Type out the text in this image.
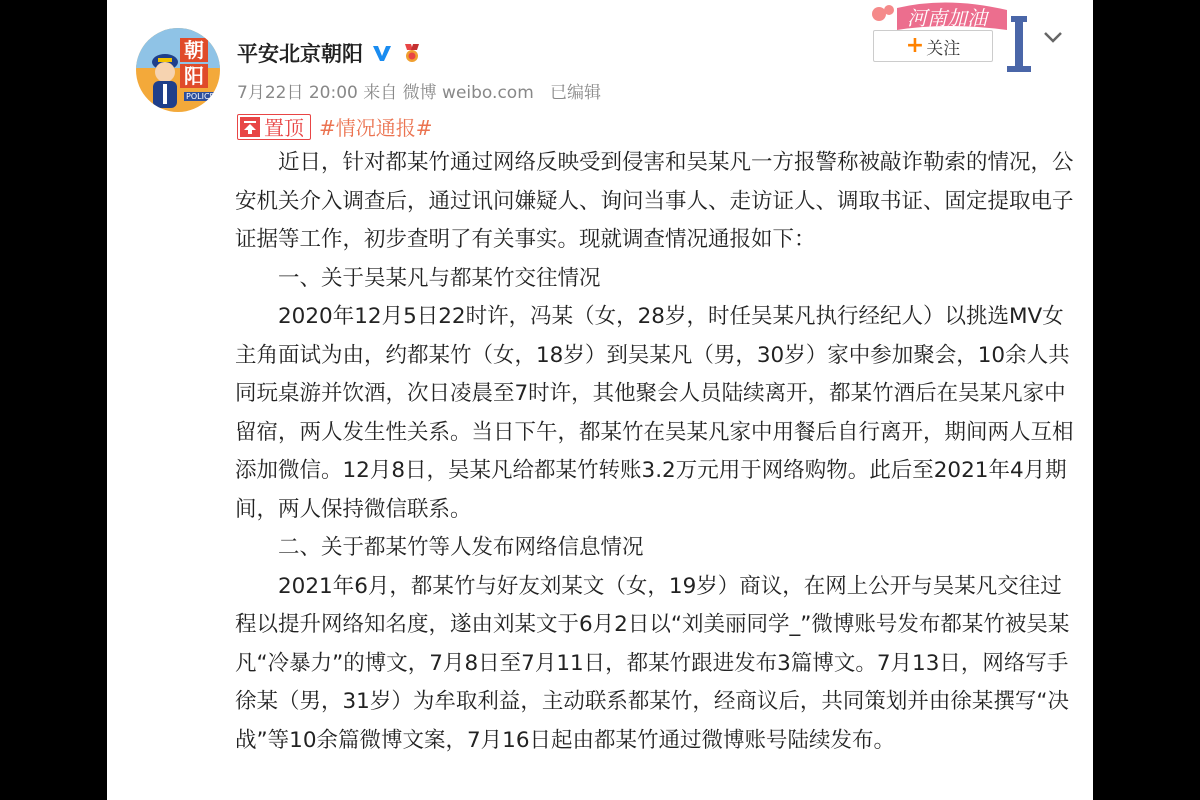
朝
阳
POLICE
平安北京朝阳
7月22日 20:00
来自 微博 weibo.com
已编辑
河南加油
+ 关注
置顶 #情况通报#

近日，针对都某竹通过网络反映受到侵害和吴某凡一方报警称被敲诈勒索的情况，公安机关介入调查后，通过讯问嫌疑人、询问当事人、走访证人、调取书证、固定提取电子证据等工作，初步查明了有关事实。现就调查情况通报如下：

一、关于吴某凡与都某竹交往情况

2020年12月5日22时许，冯某（女，28岁，时任吴某凡执行经纪人）以挑选MV女主角面试为由，约都某竹（女，18岁）到吴某凡（男，30岁）家中参加聚会，10余人共同玩桌游并饮酒，次日凌晨至7时许，其他聚会人员陆续离开，都某竹酒后在吴某凡家中留宿，两人发生性关系。当日下午，都某竹在吴某凡家中用餐后自行离开，期间两人互相添加微信。12月8日，吴某凡给都某竹转账3.2万元用于网络购物。此后至2021年4月期间，两人保持微信联系。

二、关于都某竹等人发布网络信息情况

2021年6月，都某竹与好友刘某文（女，19岁）商议，在网上公开与吴某凡交往过程以提升网络知名度，遂由刘某文于6月2日以“刘美丽同学_”微博账号发布都某竹被吴某凡“冷暴力”的博文，7月8日至7月11日，都某竹跟进发布3篇博文。7月13日，网络写手徐某（男，31岁）为牟取利益，主动联系都某竹，经商议后，共同策划并由徐某撰写“决战”等10余篇微博文案，7月16日起由都某竹通过微博账号陆续发布。
